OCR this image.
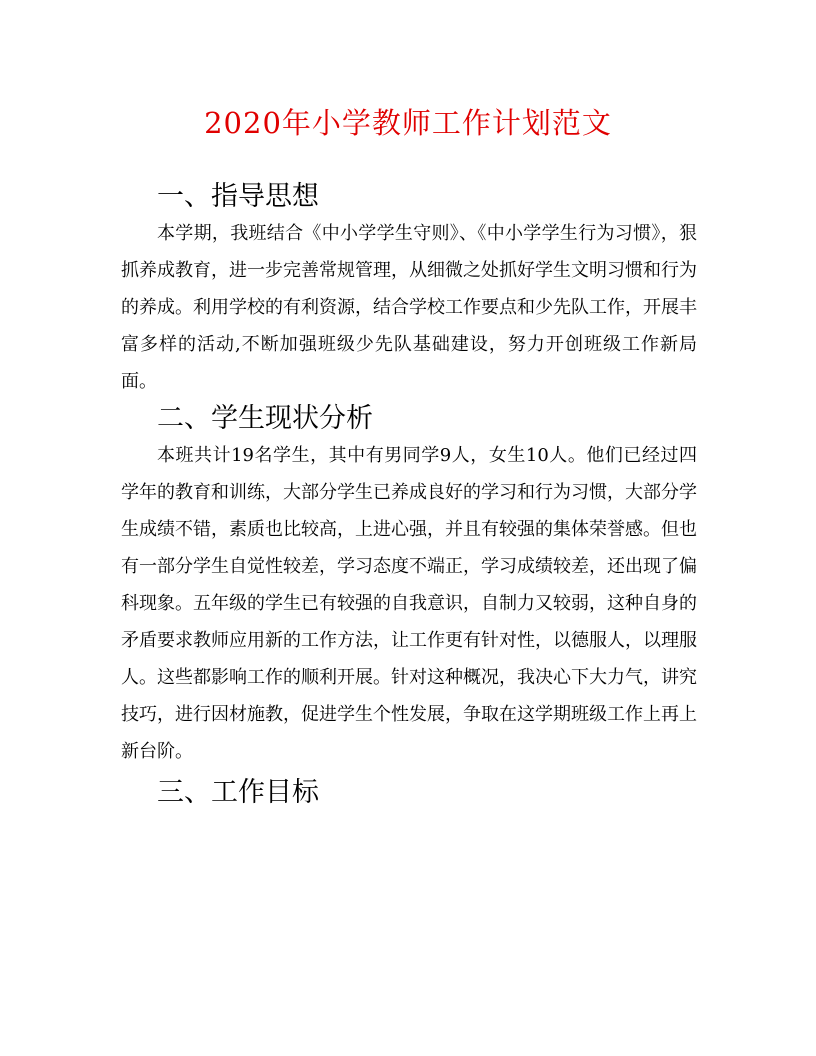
2020年小学教师工作计划范文
一、指导思想

本学期，我班结合《中小学学生守则》、《中小学学生行为习惯》，狠抓养成教育，进一步完善常规管理，从细微之处抓好学生文明习惯和行为的养成。利用学校的有利资源，结合学校工作要点和少先队工作，开展丰富多样的活动,不断加强班级少先队基础建设，努力开创班级工作新局面。

二、学生现状分析

本班共计19名学生，其中有男同学9人，女生10人。他们已经过四学年的教育和训练，大部分学生已养成良好的学习和行为习惯，大部分学生成绩不错，素质也比较高，上进心强，并且有较强的集体荣誉感。但也有一部分学生自觉性较差，学习态度不端正，学习成绩较差，还出现了偏科现象。五年级的学生已有较强的自我意识，自制力又较弱，这种自身的矛盾要求教师应用新的工作方法，让工作更有针对性，以德服人，以理服人。这些都影响工作的顺利开展。针对这种概况，我决心下大力气，讲究技巧，进行因材施教，促进学生个性发展，争取在这学期班级工作上再上新台阶。

三、工作目标
